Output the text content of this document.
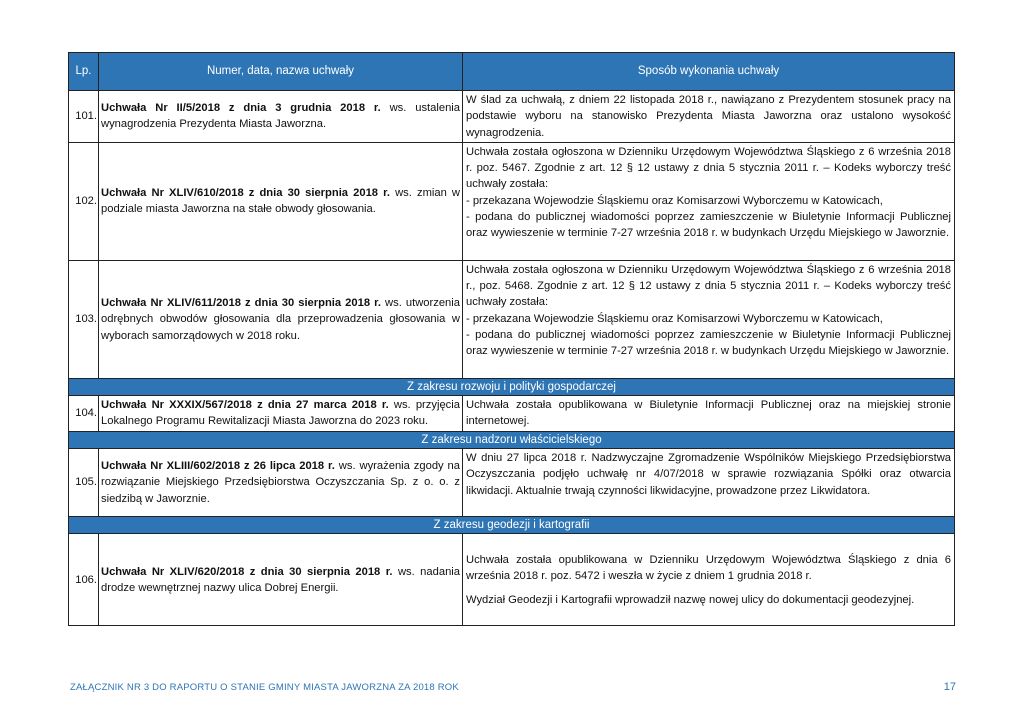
Lp.	Numer, data, nazwa uchwały	Sposób wykonania uchwały
101.	Uchwała Nr II/5/2018 z dnia 3 grudnia 2018 r. ws. ustalenia wynagrodzenia Prezydenta Miasta Jaworzna.	W ślad za uchwałą, z dniem 22 listopada 2018 r., nawiązano z Prezydentem stosunek pracy na podstawie wyboru na stanowisko Prezydenta Miasta Jaworzna oraz ustalono wysokość wynagrodzenia.

102.	Uchwała Nr XLIV/610/2018 z dnia 30 sierpnia 2018 r. ws. zmian w podziale miasta Jaworzna na stałe obwody głosowania.	Uchwała została ogłoszona w Dzienniku Urzędowym Województwa Śląskiego z 6 września 2018 r. poz. 5467. Zgodnie z art. 12 § 12 ustawy z dnia 5 stycznia 2011 r. – Kodeks wyborczy treść uchwały została:

- przekazana Wojewodzie Śląskiemu oraz Komisarzowi Wyborczemu w Katowicach,

- podana do publicznej wiadomości poprzez zamieszczenie w Biuletynie Informacji Publicznej oraz wywieszenie w terminie 7-27 września 2018 r. w budynkach Urzędu Miejskiego w Jaworznie.

103.	Uchwała Nr XLIV/611/2018 z dnia 30 sierpnia 2018 r. ws. utworzenia odrębnych obwodów głosowania dla przeprowadzenia głosowania w wyborach samorządowych w 2018 roku.	Uchwała została ogłoszona w Dzienniku Urzędowym Województwa Śląskiego z 6 września 2018 r., poz. 5468. Zgodnie z art. 12 § 12 ustawy z dnia 5 stycznia 2011 r. – Kodeks wyborczy treść uchwały została:

- przekazana Wojewodzie Śląskiemu oraz Komisarzowi Wyborczemu w Katowicach,

- podana do publicznej wiadomości poprzez zamieszczenie w Biuletynie Informacji Publicznej oraz wywieszenie w terminie 7-27 września 2018 r. w budynkach Urzędu Miejskiego w Jaworznie.

Z zakresu rozwoju i polityki gospodarczej		
104.	Uchwała Nr XXXIX/567/2018 z dnia 27 marca 2018 r. ws. przyjęcia Lokalnego Programu Rewitalizacji Miasta Jaworzna do 2023 roku.	Uchwała została opublikowana w Biuletynie Informacji Publicznej oraz na miejskiej stronie internetowej.

Z zakresu nadzoru właścicielskiego		
105.	Uchwała Nr XLIII/602/2018 z 26 lipca 2018 r. ws. wyrażenia zgody na rozwiązanie Miejskiego Przedsiębiorstwa Oczyszczania Sp. z o. o. z siedzibą w Jaworznie.	W dniu 27 lipca 2018 r. Nadzwyczajne Zgromadzenie Wspólników Miejskiego Przedsiębiorstwa Oczyszczania podjęło uchwałę nr 4/07/2018 w sprawie rozwiązania Spółki oraz otwarcia likwidacji. Aktualnie trwają czynności likwidacyjne, prowadzone przez Likwidatora.

Z zakresu geodezji i kartografii		
106.	Uchwała Nr XLIV/620/2018 z dnia 30 sierpnia 2018 r. ws. nadania drodze wewnętrznej nazwy ulica Dobrej Energii.	Uchwała została opublikowana w Dzienniku Urzędowym Województwa Śląskiego z dnia 6 września 2018 r. poz. 5472 i weszła w życie z dniem 1 grudnia 2018 r.

Wydział Geodezji i Kartografii wprowadził nazwę nowej ulicy do dokumentacji geodezyjnej.

ZAŁĄCZNIK NR 3 DO RAPORTU O STANIE GMINY MIASTA JAWORZNA ZA 2018 ROK	17
